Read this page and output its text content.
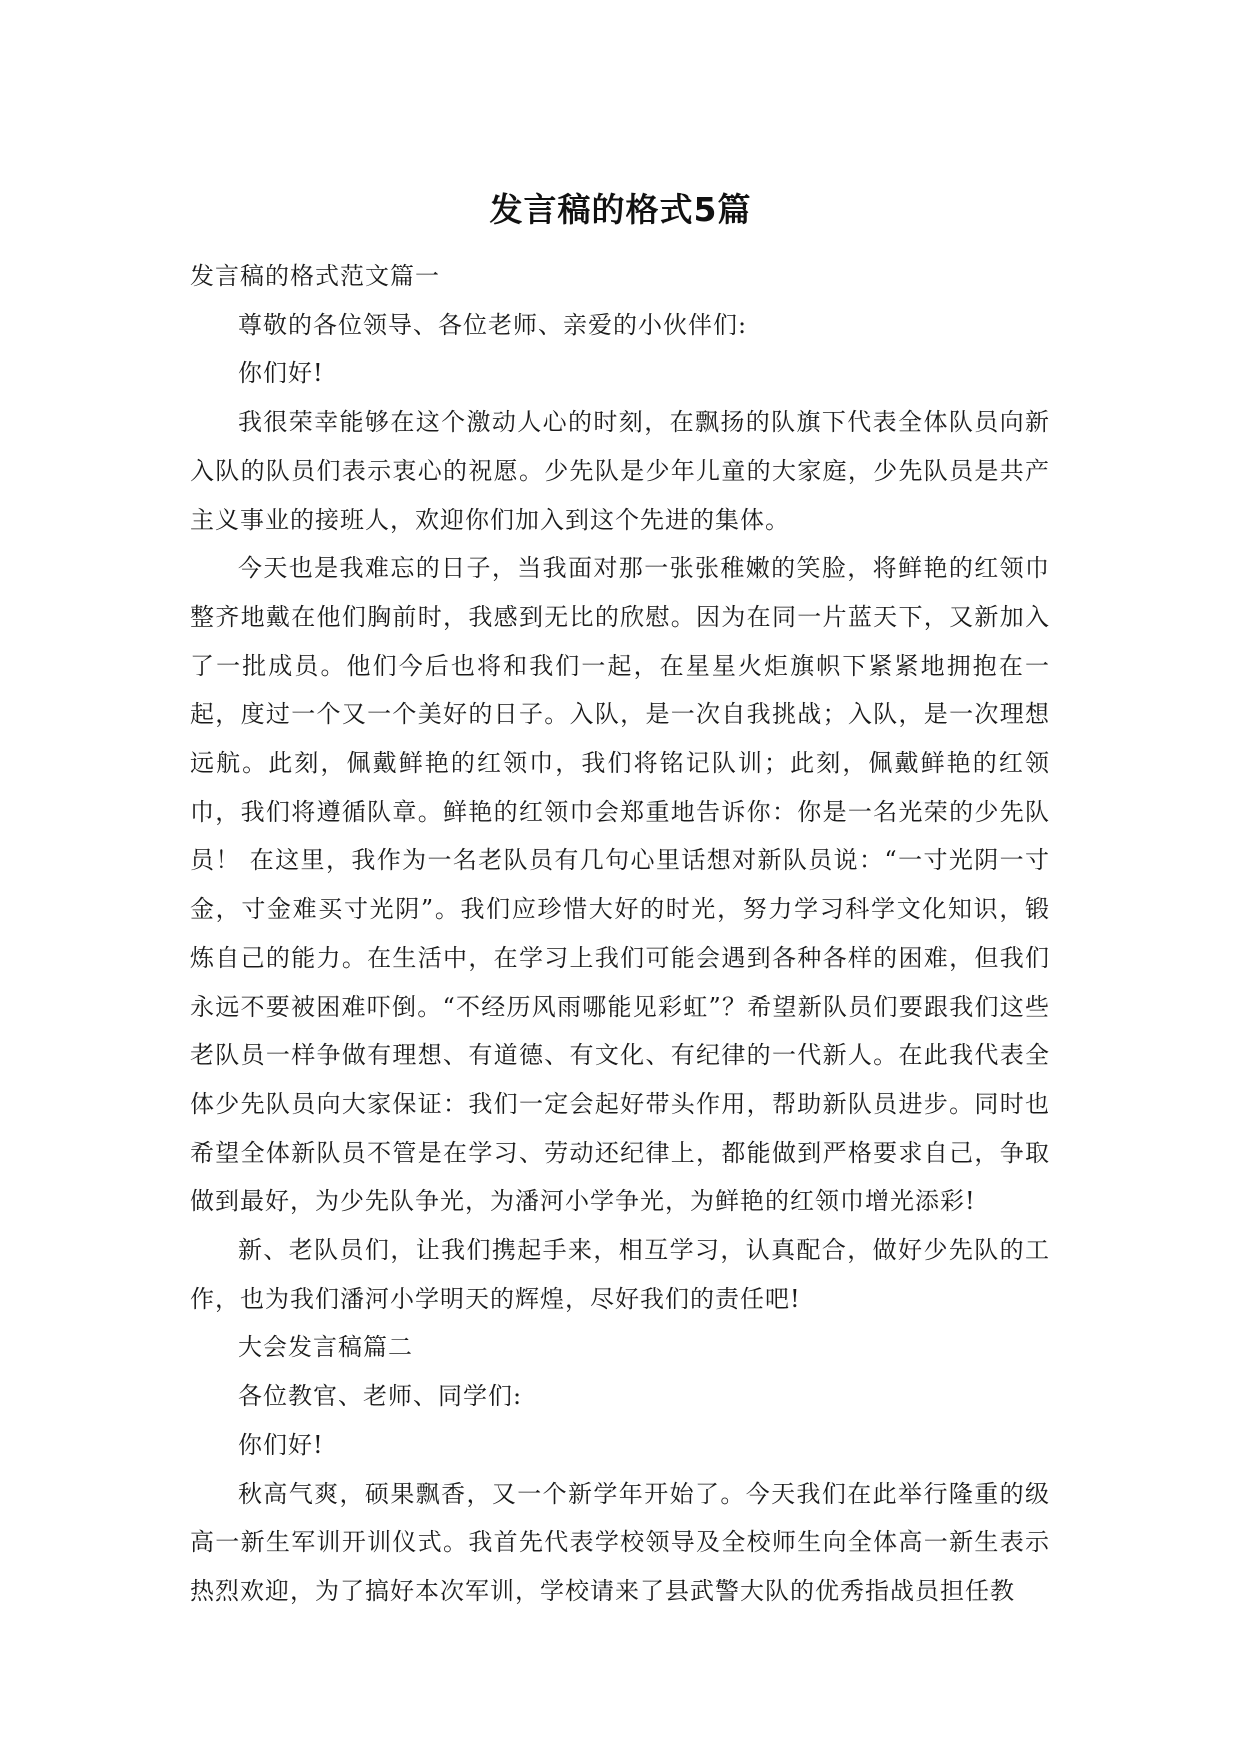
发言稿的格式5篇

发言稿的格式范文篇一

尊敬的各位领导、各位老师、亲爱的小伙伴们:

你们好!

我很荣幸能够在这个激动人心的时刻，在飘扬的队旗下代表全体队员向新入队的队员们表示衷心的祝愿。少先队是少年儿童的大家庭，少先队员是共产主义事业的接班人，欢迎你们加入到这个先进的集体。

今天也是我难忘的日子，当我面对那一张张稚嫩的笑脸，将鲜艳的红领巾整齐地戴在他们胸前时，我感到无比的欣慰。因为在同一片蓝天下，又新加入了一批成员。他们今后也将和我们一起，在星星火炬旗帜下紧紧地拥抱在一起，度过一个又一个美好的日子。入队，是一次自我挑战；入队，是一次理想远航。此刻，佩戴鲜艳的红领巾，我们将铭记队训；此刻，佩戴鲜艳的红领巾，我们将遵循队章。鲜艳的红领巾会郑重地告诉你：你是一名光荣的少先队员！ 在这里，我作为一名老队员有几句心里话想对新队员说：“一寸光阴一寸金，寸金难买寸光阴”。我们应珍惜大好的时光，努力学习科学文化知识，锻炼自己的能力。在生活中，在学习上我们可能会遇到各种各样的困难，但我们永远不要被困难吓倒。“不经历风雨哪能见彩虹”？希望新队员们要跟我们这些老队员一样争做有理想、有道德、有文化、有纪律的一代新人。在此我代表全体少先队员向大家保证：我们一定会起好带头作用，帮助新队员进步。同时也希望全体新队员不管是在学习、劳动还纪律上，都能做到严格要求自己，争取做到最好，为少先队争光，为潘河小学争光，为鲜艳的红领巾增光添彩!

新、老队员们，让我们携起手来，相互学习，认真配合，做好少先队的工作，也为我们潘河小学明天的辉煌，尽好我们的责任吧!

大会发言稿篇二

各位教官、老师、同学们:

你们好!

秋高气爽，硕果飘香，又一个新学年开始了。今天我们在此举行隆重的级高一新生军训开训仪式。我首先代表学校领导及全校师生向全体高一新生表示热烈欢迎，为了搞好本次军训，学校请来了县武警大队的优秀指战员担任教
